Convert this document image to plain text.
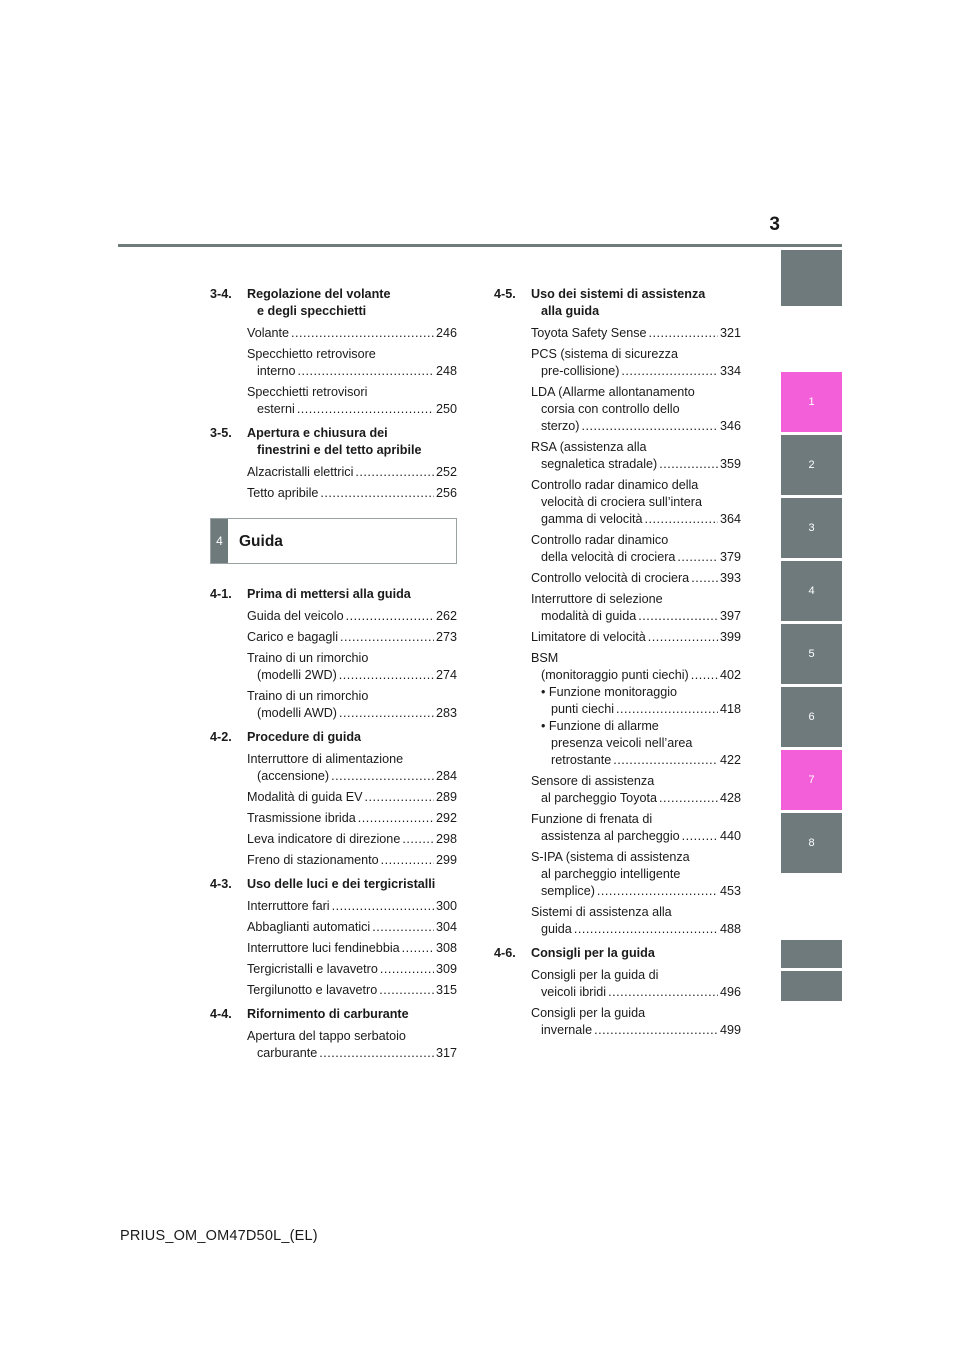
3
1
2
3
4
5
6
7
8
3-4. Regolazione del volante
e degli specchietti
Volante .....	246
Specchietto retrovisore
interno .....	248
Specchietti retrovisori
esterni .....	250
3-5. Apertura e chiusura dei
finestrini e del tetto apribile
Alzacristalli elettrici .....	252
Tetto apribile .....	256
4	Guida
4-1. Prima di mettersi alla guida
Guida del veicolo .....	262
Carico e bagagli .....	273
Traino di un rimorchio
(modelli 2WD) .....	274
Traino di un rimorchio
(modelli AWD) .....	283
4-2. Procedure di guida
Interruttore di alimentazione
(accensione) .....	284
Modalità di guida EV .....	289
Trasmissione ibrida .....	292
Leva indicatore di direzione .....	298
Freno di stazionamento .....	299
4-3. Uso delle luci e dei tergicristalli
Interruttore fari .....	300
Abbaglianti automatici .....	304
Interruttore luci fendinebbia .....	308
Tergicristalli e lavavetro .....	309
Tergilunotto e lavavetro .....	315
4-4. Rifornimento di carburante
Apertura del tappo serbatoio
carburante .....	317
4-5. Uso dei sistemi di assistenza
alla guida
Toyota Safety Sense .....	321
PCS (sistema di sicurezza
pre-collisione) .....	334
LDA (Allarme allontanamento
corsia con controllo dello
sterzo) .....	346
RSA (assistenza alla
segnaletica stradale) .....	359
Controllo radar dinamico della
velocità di crociera sull’intera
gamma di velocità .....	364
Controllo radar dinamico
della velocità di crociera .....	379
Controllo velocità di crociera ..... 393
Interruttore di selezione
modalità di guida .....	397
Limitatore di velocità .....	399
BSM
(monitoraggio punti ciechi) ..... 402
• Funzione monitoraggio
punti ciechi .....	418
• Funzione di allarme
presenza veicoli nell’area
retrostante .....	422
Sensore di assistenza
al parcheggio Toyota .....	428
Funzione di frenata di
assistenza al parcheggio .....	440
S-IPA (sistema di assistenza
al parcheggio intelligente
semplice) .....	453
Sistemi di assistenza alla
guida .....	488
4-6. Consigli per la guida
Consigli per la guida di
veicoli ibridi .....	496
Consigli per la guida
invernale .....	499
PRIUS_OM_OM47D50L_(EL)
